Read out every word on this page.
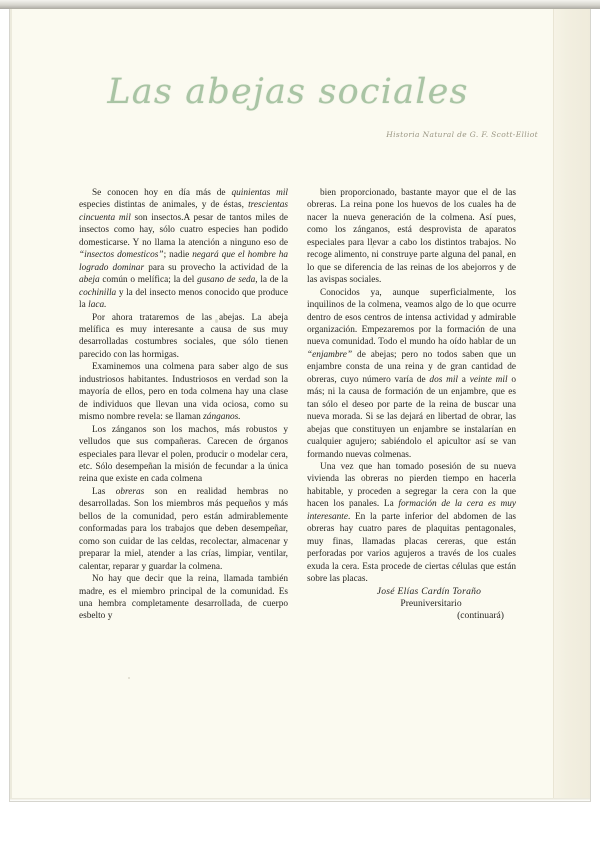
Las abejas sociales
Historia Natural de G. F. Scott-Elliot

Se conocen hoy en día más de quinientas mil especies distintas de animales, y de éstas, trescientas cincuenta mil son insectos.A pesar de tantos miles de insectos como hay, sólo cuatro especies han podido domesticarse. Y no llama la atención a ninguno eso de “insectos domesticos”; nadie negará que el hombre ha logrado dominar para su provecho la actividad de la abeja común o melífica; la del gusano de seda, la de la cochinilla y la del insecto menos conocido que produce la laca.

Por ahora trataremos de las abejas. La abeja melífica es muy interesante a causa de sus muy desarrolladas costumbres sociales, que sólo tienen parecido con las hormigas.

Examinemos una colmena para saber algo de sus industriosos habitantes. Industriosos en verdad son la mayoría de ellos, pero en toda colmena hay una clase de individuos que llevan una vida ociosa, como su mismo nombre revela: se llaman zánganos.

Los zánganos son los machos, más robustos y velludos que sus compañeras. Carecen de órganos especiales para llevar el polen, producir o modelar cera, etc. Sólo desempeñan la misión de fecundar a la única reina que existe en cada colmena

Las obreras son en realidad hembras no desarrolladas. Son los miembros más pequeños y más bellos de la comunidad, pero están admirablemente conformadas para los trabajos que deben desempeñar, como son cuidar de las celdas, recolectar, almacenar y preparar la miel, atender a las crías, limpiar, ventilar, calentar, reparar y guardar la colmena.

No hay que decir que la reina, llamada también madre, es el miembro principal de la comunidad. Es una hembra completamente desarrollada, de cuerpo esbelto y

bien proporcionado, bastante mayor que el de las obreras. La reina pone los huevos de los cuales ha de nacer la nueva generación de la colmena. Así pues, como los zánganos, está desprovista de aparatos especiales para llevar a cabo los distintos trabajos. No recoge alimento, ni construye parte alguna del panal, en lo que se diferencia de las reinas de los abejorros y de las avispas sociales.

Conocidos ya, aunque superficialmente, los inquilinos de la colmena, veamos algo de lo que ocurre dentro de esos centros de intensa actividad y admirable organización. Empezaremos por la formación de una nueva comunidad. Todo el mundo ha oído hablar de un “enjambre” de abejas; pero no todos saben que un enjambre consta de una reina y de gran cantidad de obreras, cuyo número varía de dos mil a veinte mil o más; ni la causa de formación de un enjambre, que es tan sólo el deseo por parte de la reina de buscar una nueva morada. Si se las dejará en libertad de obrar, las abejas que constituyen un enjambre se instalarían en cualquier agujero; sabiéndolo el apicultor así se van formando nuevas colmenas.

Una vez que han tomado posesión de su nueva vivienda las obreras no pierden tiempo en hacerla habitable, y proceden a segregar la cera con la que hacen los panales. La formación de la cera es muy interesante. En la parte inferior del abdomen de las obreras hay cuatro pares de plaquitas pentagonales, muy finas, llamadas placas cereras, que están perforadas por varios agujeros a través de los cuales exuda la cera. Esta procede de ciertas células que están sobre las placas.

José Elías Cardín Toraño

Preuniversitario

(continuará)
